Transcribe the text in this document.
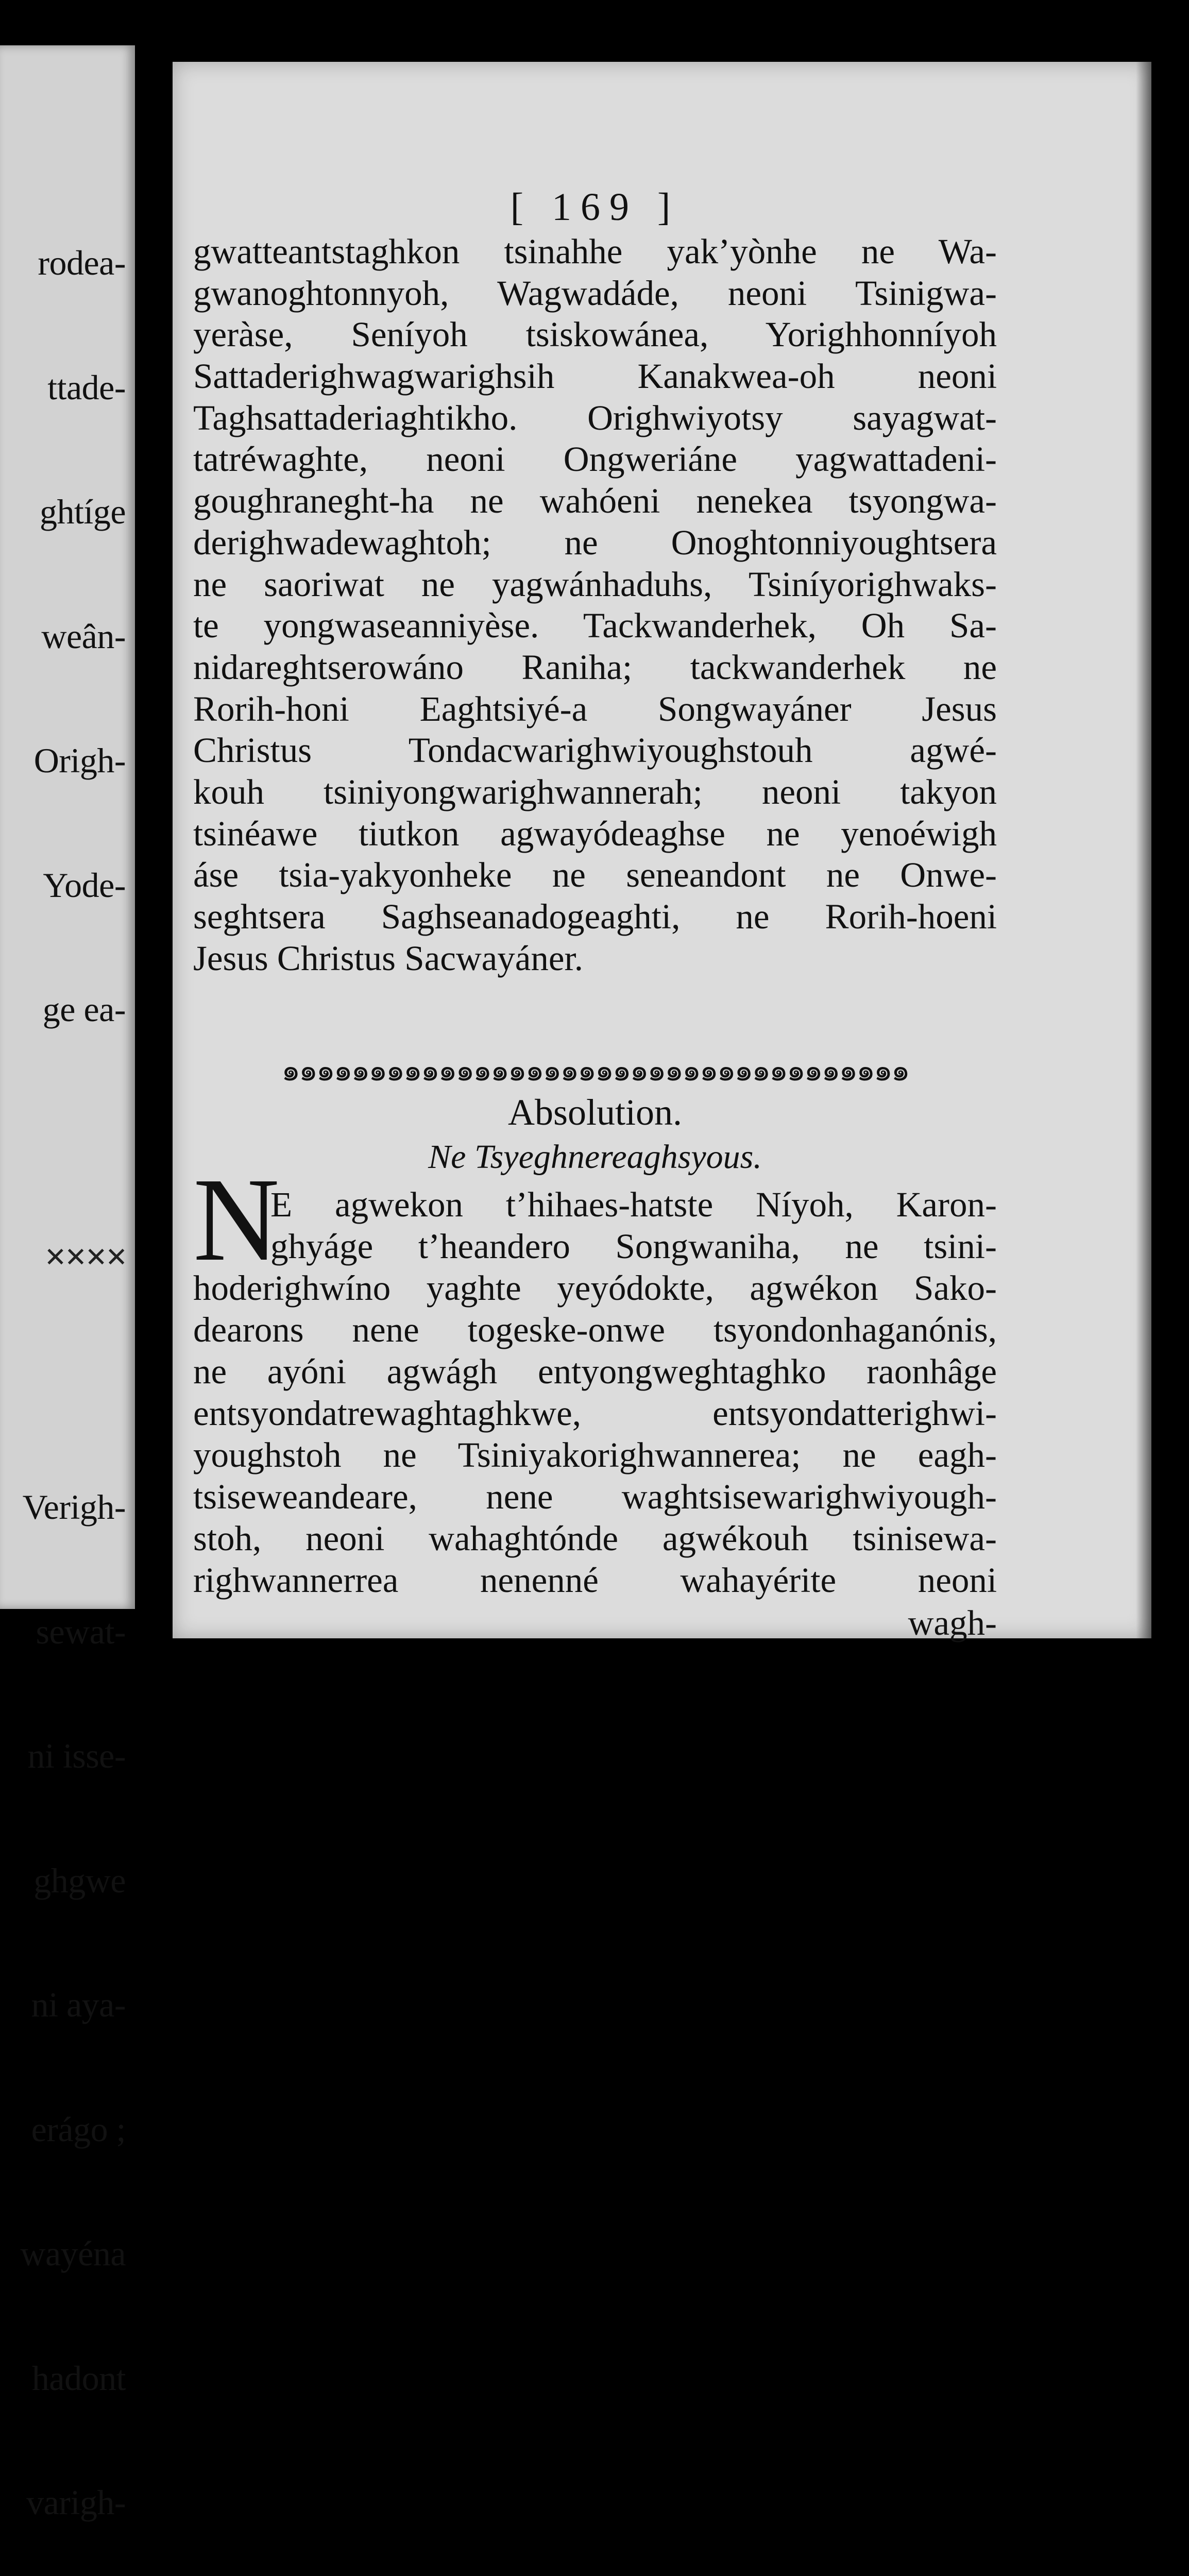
rodea-

ttade-

ghtíge

weân-

Origh-

Yode-

ge ea-

✕✕✕✕

Verigh-

sewat-

ni isse-

ghgwe

ni aya-

erágo ;

wayéna

hadont

varigh-

[ 169 ]
gwatteantstaghkon tsinahhe yak’yònhe ne Wa-
gwanoghtonnyoh, Wagwadáde, neoni Tsinigwa-
yeràse, Seníyoh tsiskowánea, Yorighhonníyoh
Sattaderighwagwarighsih Kanakwea-oh neoni
Taghsattaderiaghtikho. Orighwiyotsy sayagwat-
tatréwaghte, neoni Ongweriáne yagwattadeni-
goughraneght-ha ne wahóeni nenekea tsyongwa-
derighwadewaghtoh; ne Onoghtonniyoughtsera
ne saoriwat ne yagwánhaduhs, Tsiníyorighwaks-
te yongwaseanniyèse. Tackwanderhek, Oh Sa-
nidareghtserowáno Raniha; tackwanderhek ne
Rorih-honi Eaghtsiyé-a Songwayáner Jesus
Christus Tondacwarighwiyoughstouh agwé-
kouh tsiniyongwarighwannerah; neoni takyon
tsinéawe tiutkon agwayódeaghse ne yenoéwigh
áse tsia-yakyonheke ne seneandont ne Onwe-
seghtsera Saghseanadogeaghti, ne Rorih-hoeni
Jesus Christus Sacwayáner.
๑๑๑๑๑๑๑๑๑๑๑๑๑๑๑๑๑๑๑๑๑๑๑๑๑๑๑๑๑๑๑๑๑๑๑๑
Absolution.
Ne Tsyeghnereaghsyous.
N
E agwekon t’hihaes-hatste Níyoh, Karon-
ghyáge t’heandero Songwaniha, ne tsini-
hoderighwíno yaghte yeyódokte, agwékon Sako-
dearons nene togeske-onwe tsyondonhaganónis,
ne ayóni agwágh entyongweghtaghko raonhâge
entsyondatrewaghtaghkwe, entsyondatterighwi-
youghstoh ne Tsiniyakorighwannerea; ne eagh-
tsiseweandeare, nene waghtsisewarighwiyough-
stoh, neoni wahaghtónde agwékouh tsinisewa-
righwannerrea nenenné wahayérite neoni
wagh-
